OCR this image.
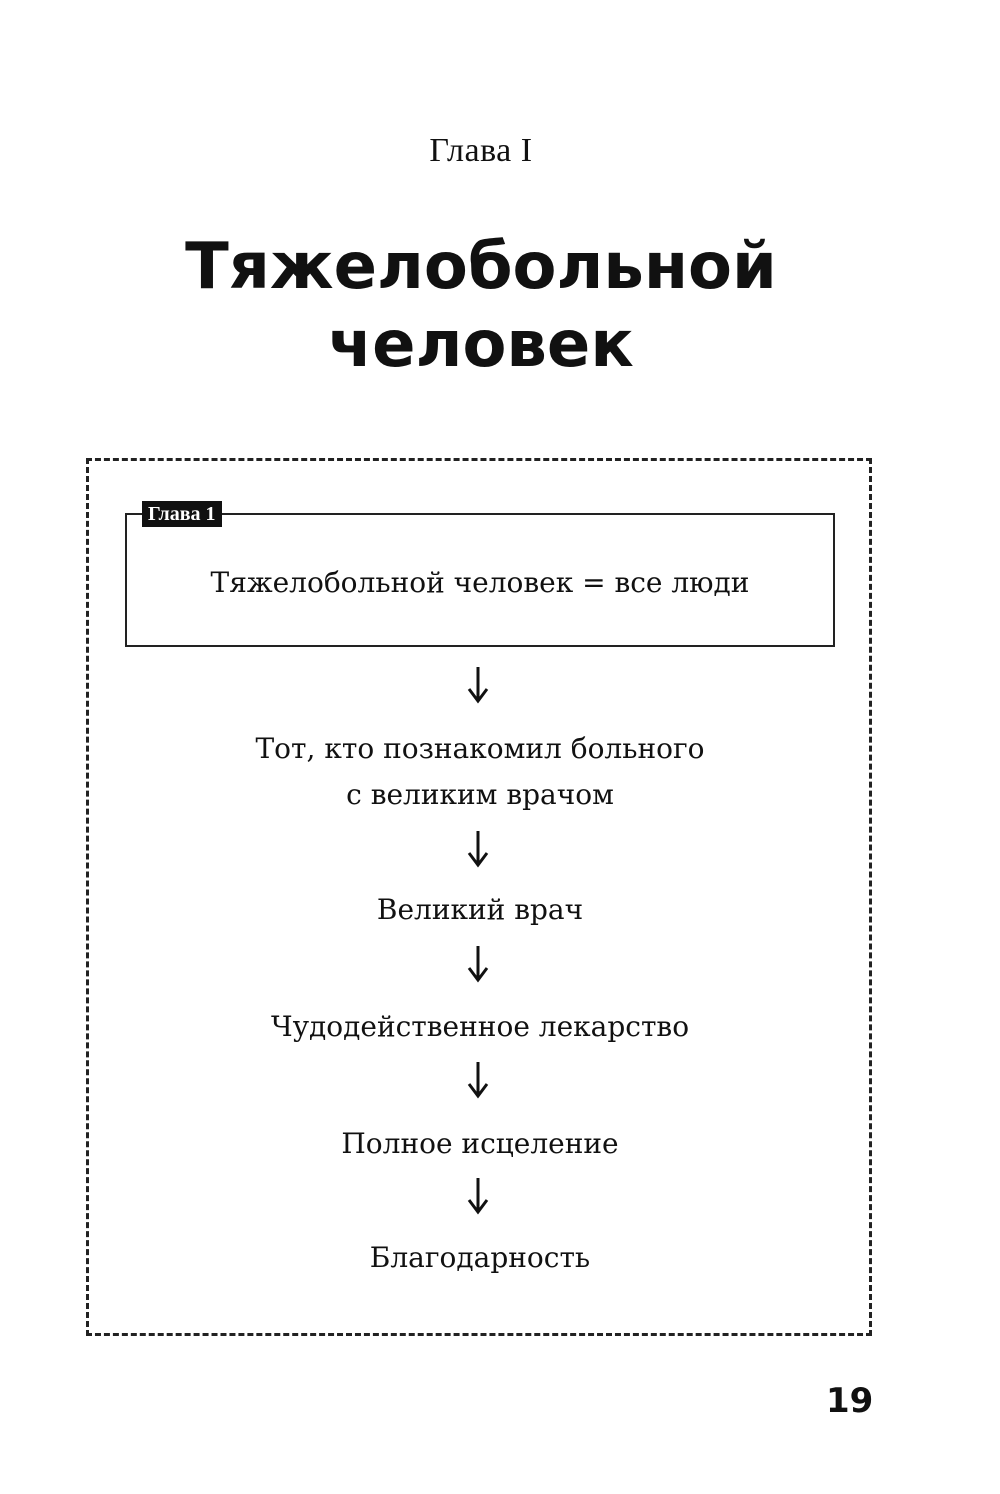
Глава I
Тяжелобольной
человек
Глава 1
Тяжелобольной человек = все люди
Тот, кто познакомил больного
с великим врачом
Великий врач
Чудодейственное лекарство
Полное исцеление
Благодарность
19
